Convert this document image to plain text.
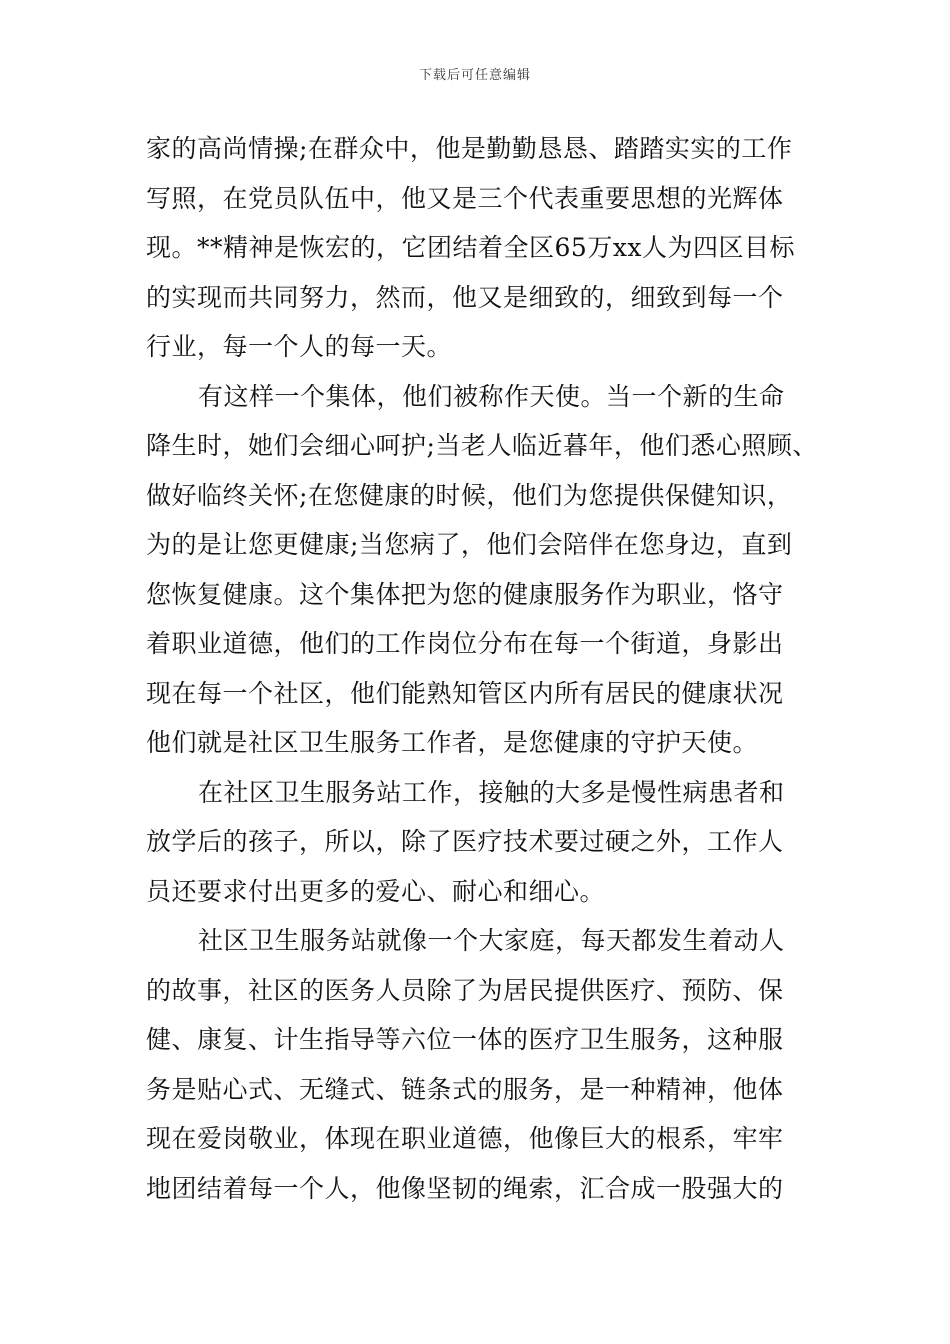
下载后可任意编辑
家的高尚情操;在群众中，他是勤勤恳恳、踏踏实实的工作
写照，在党员队伍中，他又是三个代表重要思想的光辉体
现。**精神是恢宏的，它团结着全区65万xx人为四区目标
的实现而共同努力，然而，他又是细致的，细致到每一个
行业，每一个人的每一天。
有这样一个集体，他们被称作天使。当一个新的生命
降生时，她们会细心呵护;当老人临近暮年，他们悉心照顾、
做好临终关怀;在您健康的时候，他们为您提供保健知识，
为的是让您更健康;当您病了，他们会陪伴在您身边，直到
您恢复健康。这个集体把为您的健康服务作为职业，恪守
着职业道德，他们的工作岗位分布在每一个街道，身影出
现在每一个社区，他们能熟知管区内所有居民的健康状况
他们就是社区卫生服务工作者，是您健康的守护天使。
在社区卫生服务站工作，接触的大多是慢性病患者和
放学后的孩子，所以，除了医疗技术要过硬之外，工作人
员还要求付出更多的爱心、耐心和细心。
社区卫生服务站就像一个大家庭，每天都发生着动人
的故事，社区的医务人员除了为居民提供医疗、预防、保
健、康复、计生指导等六位一体的医疗卫生服务，这种服
务是贴心式、无缝式、链条式的服务，是一种精神，他体
现在爱岗敬业，体现在职业道德，他像巨大的根系，牢牢
地团结着每一个人，他像坚韧的绳索，汇合成一股强大的
